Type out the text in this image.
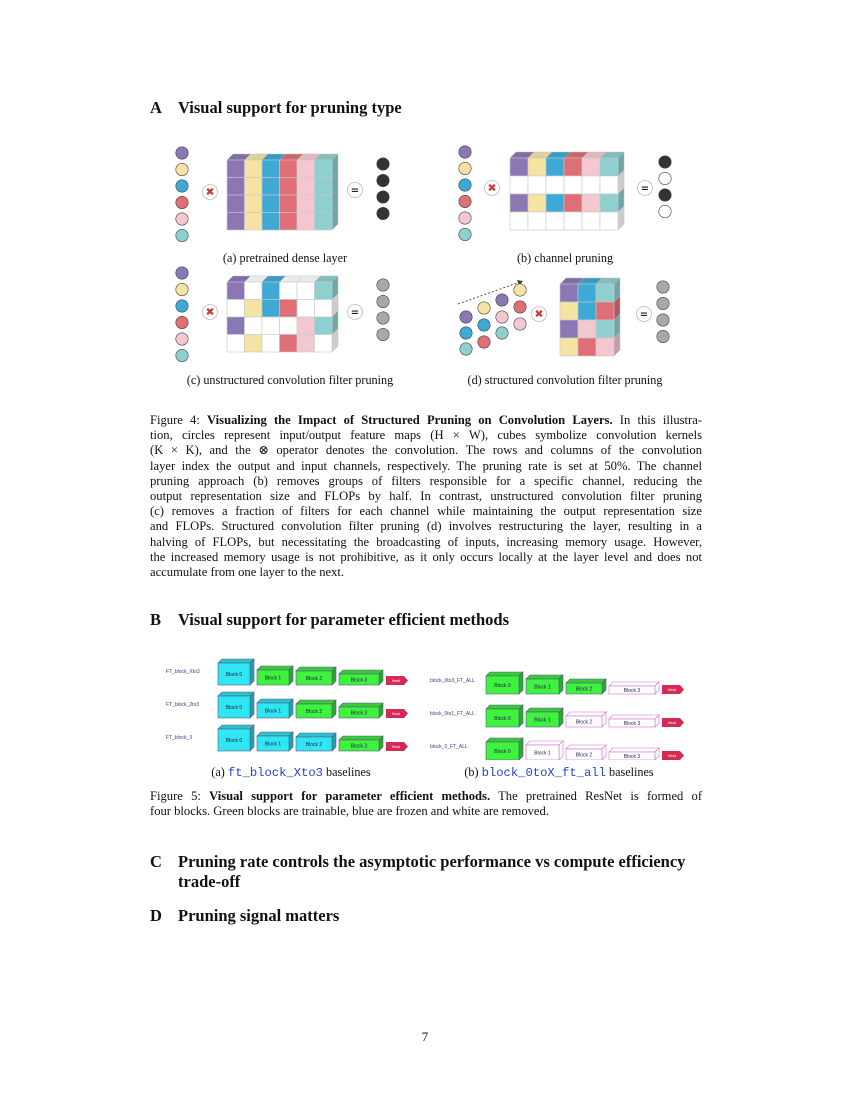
A Visual support for pruning type
✖	=	✖	=
✖	=	✖	=
(a) pretrained dense layer	(b) channel pruning
(c) unstructured convolution filter pruning	(d) structured convolution filter pruning
Figure 4: Visualizing the Impact of Structured Pruning on Convolution Layers. In this illustra-
tion, circles represent input/output feature maps (H × W), cubes symbolize convolution kernels
(K × K), and the ⊗ operator denotes the convolution. The rows and columns of the convolution
layer index the output and input channels, respectively. The pruning rate is set at 50%. The channel
pruning approach (b) removes groups of filters responsible for a specific channel, reducing the
output representation size and FLOPs by half. In contrast, unstructured convolution filter pruning
(c) removes a fraction of filters for each channel while maintaining the output representation size
and FLOPs. Structured convolution filter pruning (d) involves restructuring the layer, resulting in a
halving of FLOPs, but necessitating the broadcasting of inputs, increasing memory usage. However,
the increased memory usage is not prohibitive, as it only occurs locally at the layer level and does not
accumulate from one layer to the next.
B Visual support for parameter efficient methods
FT_block_Xto3	Block 0
Block 1	Block 2	Block 3	Head
FT_block_2to3	Block 0
Block 1	Block 2	Block 3	Head
FT_block_3	Block 0
Block 1	Block 2	Block 3	Head
block_0to3_FT_ALL
Block 0	Block 1	Block 2	Block 3	Head
block_0to1_FT_ALL
Block 0	Block 1	Block 2	Block 3	Head
block_0_FT_ALL
Block 0	Block 1	Block 2	Block 3	Head
(a) ft_block_Xto3 baselines	(b) block_0toX_ft_all baselines
Figure 5: Visual support for parameter efficient methods. The pretrained ResNet is formed of
four blocks. Green blocks are trainable, blue are frozen and white are removed.
C Pruning rate controls the asymptotic performance vs compute efficiency
trade-off
D Pruning signal matters
7
